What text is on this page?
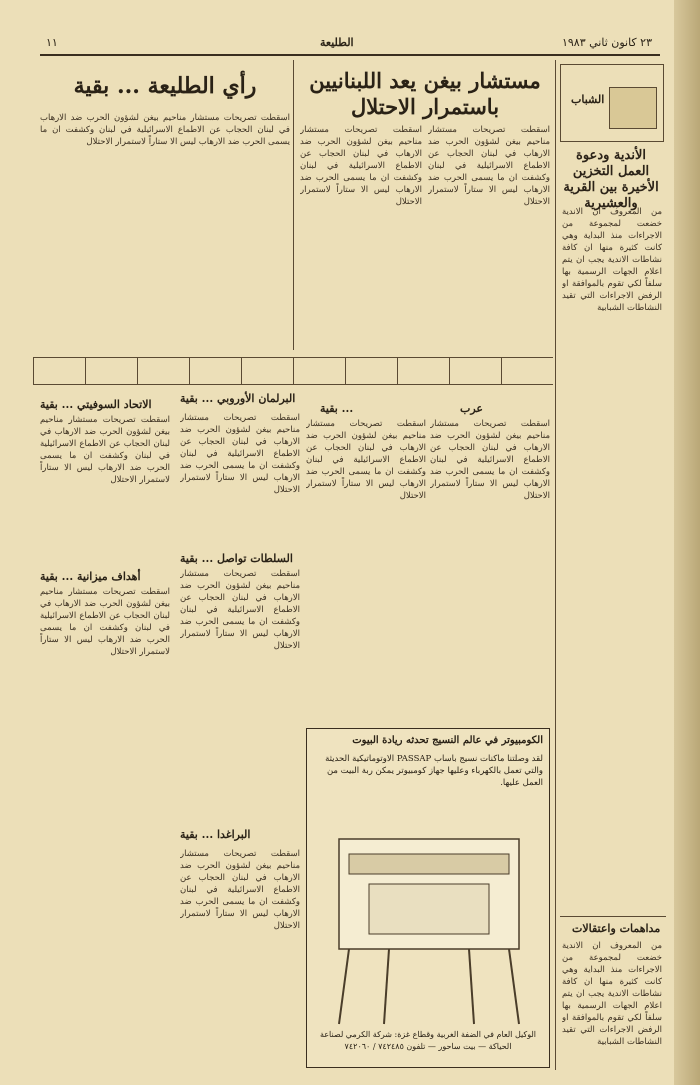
٢٣ كانون ثاني ١٩٨٣
الطليعة
١١
الشباب
الأندية ودعوة العمل التخزين الأخيرة بين القرية والعشيرية
من المعروف ان الاندية خضعت لمجموعة من الاجراءات منذ البداية وهي كانت كثيرة منها ان كافة نشاطات الاندية يجب ان يتم اعلام الجهات الرسمية بها سلفاً لكي تقوم بالموافقة او الرفض الاجراءات التي تقيد النشاطات الشبابية
مداهمات واعتقالات
من المعروف ان الاندية خضعت لمجموعة من الاجراءات منذ البداية وهي كانت كثيرة منها ان كافة نشاطات الاندية يجب ان يتم اعلام الجهات الرسمية بها سلفاً لكي تقوم بالموافقة او الرفض الاجراءات التي تقيد النشاطات الشبابية
مستشار بيغن يعد اللبنانيين باستمرار الاحتلال
اسقطت تصريحات مستشار مناحيم بيغن لشؤون الحرب ضد الارهاب في لبنان الحجاب عن الاطماع الاسرائيلية في لبنان وكشفت ان ما يسمى الحرب ضد الارهاب ليس الا ستاراً لاستمرار الاحتلال
اسقطت تصريحات مستشار مناحيم بيغن لشؤون الحرب ضد الارهاب في لبنان الحجاب عن الاطماع الاسرائيلية في لبنان وكشفت ان ما يسمى الحرب ضد الارهاب ليس الا ستاراً لاستمرار الاحتلال
رأي الطليعة ... بقية
اسقطت تصريحات مستشار مناحيم بيغن لشؤون الحرب ضد الارهاب في لبنان الحجاب عن الاطماع الاسرائيلية في لبنان وكشفت ان ما يسمى الحرب ضد الارهاب ليس الا ستاراً لاستمرار الاحتلال
البرلمان الأوروبي ... بقية
الاتحاد السوفيتي ... بقية	... بقية	عرب
اسقطت تصريحات مستشار مناحيم بيغن لشؤون الحرب ضد الارهاب في لبنان الحجاب عن الاطماع الاسرائيلية في لبنان وكشفت ان ما يسمى الحرب ضد الارهاب ليس الا ستاراً لاستمرار الاحتلال
اسقطت تصريحات مستشار مناحيم بيغن لشؤون الحرب ضد الارهاب في لبنان الحجاب عن الاطماع الاسرائيلية في لبنان وكشفت ان ما يسمى الحرب ضد الارهاب ليس الا ستاراً لاستمرار الاحتلال
اسقطت تصريحات مستشار مناحيم بيغن لشؤون الحرب ضد الارهاب في لبنان الحجاب عن الاطماع الاسرائيلية في لبنان وكشفت ان ما يسمى الحرب ضد الارهاب ليس الا ستاراً لاستمرار الاحتلال
اسقطت تصريحات مستشار مناحيم بيغن لشؤون الحرب ضد الارهاب في لبنان الحجاب عن الاطماع الاسرائيلية في لبنان وكشفت ان ما يسمى الحرب ضد الارهاب ليس الا ستاراً لاستمرار الاحتلال
السلطات تواصل ... بقية
اسقطت تصريحات مستشار مناحيم بيغن لشؤون الحرب ضد الارهاب في لبنان الحجاب عن الاطماع الاسرائيلية في لبنان وكشفت ان ما يسمى الحرب ضد الارهاب ليس الا ستاراً لاستمرار الاحتلال
أهداف ميزانية ... بقية
اسقطت تصريحات مستشار مناحيم بيغن لشؤون الحرب ضد الارهاب في لبنان الحجاب عن الاطماع الاسرائيلية في لبنان وكشفت ان ما يسمى الحرب ضد الارهاب ليس الا ستاراً لاستمرار الاحتلال
البراغدا ... بقية
اسقطت تصريحات مستشار مناحيم بيغن لشؤون الحرب ضد الارهاب في لبنان الحجاب عن الاطماع الاسرائيلية في لبنان وكشفت ان ما يسمى الحرب ضد الارهاب ليس الا ستاراً لاستمرار الاحتلال
الكومبيوتر في عالم النسيج تحدثه ريادة البيوت
لقد وصلتنا ماكنات نسيج باساب PASSAP الاوتوماتيكية الحديثة والتي تعمل بالكهرباء وعليها جهاز كومبيوتر يمكن ربة البيت من العمل عليها.
الوكيل العام في الضفة الغربية وقطاع غزة: شركة الكرمي لصناعة الحياكة — بيت ساحور — تلفون ٧٤٢٤٨٥ / ٧٤٢٠٦٠
